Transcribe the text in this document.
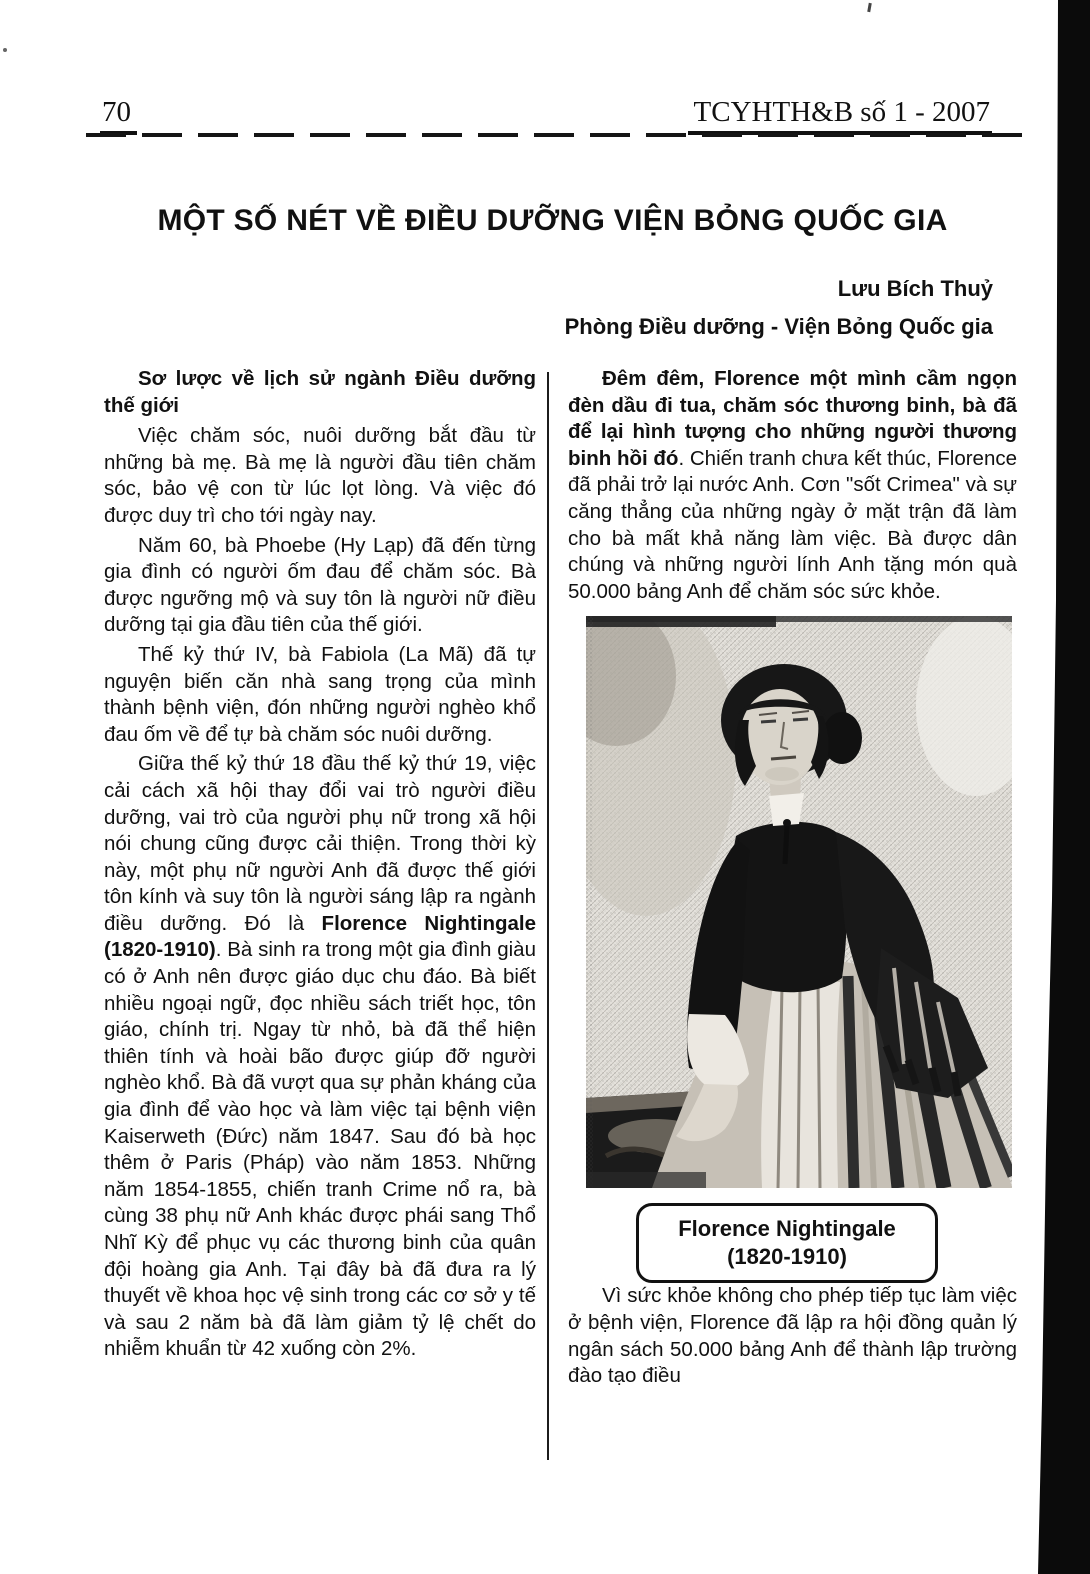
70	TCYHTH&B số 1 - 2007
MỘT SỐ NÉT VỀ ĐIỀU DƯỠNG VIỆN BỎNG QUỐC GIA
Lưu Bích Thuỷ
Phòng Điều dưỡng - Viện Bỏng Quốc gia

Sơ lược về lịch sử ngành Điều dưỡng thế giới

Việc chăm sóc, nuôi dưỡng bắt đầu từ những bà mẹ. Bà mẹ là người đầu tiên chăm sóc, bảo vệ con từ lúc lọt lòng. Và việc đó được duy trì cho tới ngày nay.

Năm 60, bà Phoebe (Hy Lạp) đã đến từng gia đình có người ốm đau để chăm sóc. Bà được ngưỡng mộ và suy tôn là người nữ điều dưỡng tại gia đầu tiên của thế giới.

Thế kỷ thứ IV, bà Fabiola (La Mã) đã tự nguyện biến căn nhà sang trọng của mình thành bệnh viện, đón những người nghèo khổ đau ốm về để tự bà chăm sóc nuôi dưỡng.

Giữa thế kỷ thứ 18 đầu thế kỷ thứ 19, việc cải cách xã hội thay đổi vai trò người điều dưỡng, vai trò của người phụ nữ trong xã hội nói chung cũng được cải thiện. Trong thời kỳ này, một phụ nữ người Anh đã được thế giới tôn kính và suy tôn là người sáng lập ra ngành điều dưỡng. Đó là Florence Nightingale (1820-1910). Bà sinh ra trong một gia đình giàu có ở Anh nên được giáo dục chu đáo. Bà biết nhiều ngoại ngữ, đọc nhiều sách triết học, tôn giáo, chính trị. Ngay từ nhỏ, bà đã thể hiện thiên tính và hoài bão được giúp đỡ người nghèo khổ. Bà đã vượt qua sự phản kháng của gia đình để vào học và làm việc tại bệnh viện Kaiserweth (Đức) năm 1847. Sau đó bà học thêm ở Paris (Pháp) vào năm 1853. Những năm 1854-1855, chiến tranh Crime nổ ra, bà cùng 38 phụ nữ Anh khác được phái sang Thổ Nhĩ Kỳ để phục vụ các thương binh của quân đội hoàng gia Anh. Tại đây bà đã đưa ra lý thuyết về khoa học vệ sinh trong các cơ sở y tế và sau 2 năm bà đã làm giảm tỷ lệ chết do nhiễm khuẩn từ 42 xuống còn 2%.

Đêm đêm, Florence một mình cầm ngọn đèn dầu đi tua, chăm sóc thương binh, bà đã để lại hình tượng cho những người thương binh hồi đó. Chiến tranh chưa kết thúc, Florence đã phải trở lại nước Anh. Cơn "sốt Crimea" và sự căng thẳng của những ngày ở mặt trận đã làm cho bà mất khả năng làm việc. Bà được dân chúng và những người lính Anh tặng món quà 50.000 bảng Anh để chăm sóc sức khỏe.

Florence Nightingale
(1820-1910)

Vì sức khỏe không cho phép tiếp tục làm việc ở bệnh viện, Florence đã lập ra hội đồng quản lý ngân sách 50.000 bảng Anh để thành lập trường đào tạo điều
